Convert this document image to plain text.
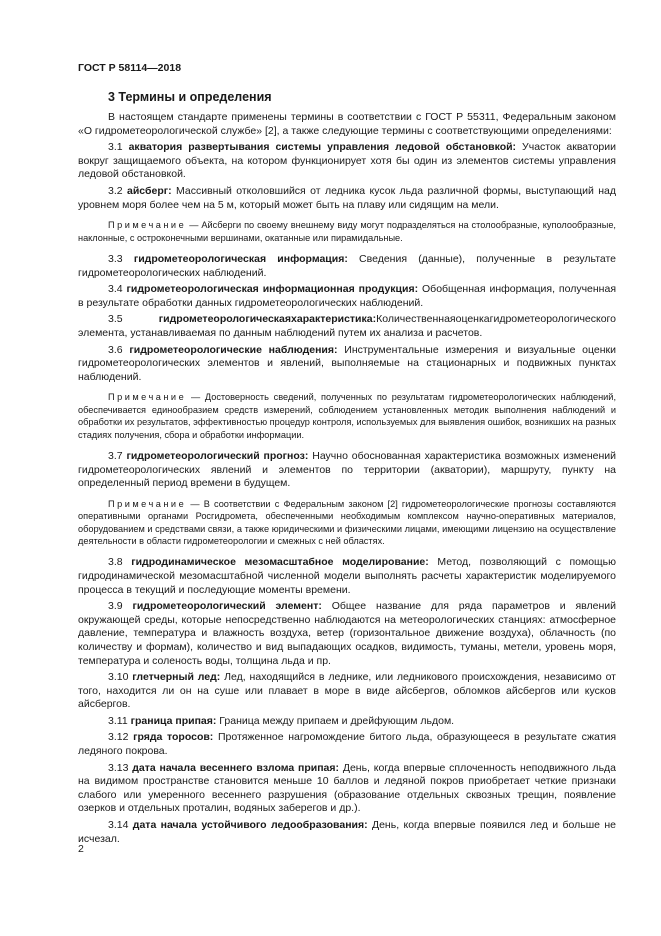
ГОСТ Р 58114—2018
3 Термины и определения

В настоящем стандарте применены термины в соответствии с ГОСТ Р 55311, Федеральным законом «О гидрометеорологической службе» [2], а также следующие термины с соответствующими определениями:

3.1 акватория развертывания системы управления ледовой обстановкой: Участок акватории вокруг защищаемого объекта, на котором функционирует хотя бы один из элементов системы управления ледовой обстановкой.

3.2 айсберг: Массивный отколовшийся от ледника кусок льда различной формы, выступающий над уровнем моря более чем на 5 м, который может быть на плаву или сидящим на мели.

Примечание — Айсберги по своему внешнему виду могут подразделяться на столообразные, куполообразные, наклонные, с остроконечными вершинами, окатанные или пирамидальные.

3.3 гидрометеорологическая информация: Сведения (данные), полученные в результате гидрометеорологических наблюдений.

3.4 гидрометеорологическая информационная продукция: Обобщенная информация, полученная в результате обработки данных гидрометеорологических наблюдений.

3.5	гидрометеорологическаяхарактеристика:Количественнаяоценкагидрометеорологического элемента, устанавливаемая по данным наблюдений путем их анализа и расчетов.

3.6 гидрометеорологические наблюдения: Инструментальные измерения и визуальные оценки гидрометеорологических элементов и явлений, выполняемые на стационарных и подвижных пунктах наблюдений.

Примечание — Достоверность сведений, полученных по результатам гидрометеорологических наблюдений, обеспечивается единообразием средств измерений, соблюдением установленных методик выполнения наблюдений и обработки их результатов, эффективностью процедур контроля, используемых для выявления ошибок, возникших на разных стадиях получения, сбора и обработки информации.

3.7 гидрометеорологический прогноз: Научно обоснованная характеристика возможных изменений гидрометеорологических явлений и элементов по территории (акватории), маршруту, пункту на определенный период времени в будущем.

Примечание — В соответствии с Федеральным законом [2] гидрометеорологические прогнозы составляются оперативными органами Росгидромета, обеспеченными необходимым комплексом научно-оперативных материалов, оборудованием и средствами связи, а также юридическими и физическими лицами, имеющими лицензию на осуществление деятельности в области гидрометеорологии и смежных с ней областях.

3.8 гидродинамическое мезомасштабное моделирование: Метод, позволяющий с помощью гидродинамической мезомасштабной численной модели выполнять расчеты характеристик моделируемого процесса в текущий и последующие моменты времени.

3.9 гидрометеорологический элемент: Общее название для ряда параметров и явлений окружающей среды, которые непосредственно наблюдаются на метеорологических станциях: атмосферное давление, температура и влажность воздуха, ветер (горизонтальное движение воздуха), облачность (по количеству и формам), количество и вид выпадающих осадков, видимость, туманы, метели, уровень моря, температура и соленость воды, толщина льда и пр.

3.10 глетчерный лед: Лед, находящийся в леднике, или ледникового происхождения, независимо от того, находится ли он на суше или плавает в море в виде айсбергов, обломков айсбергов или кусков айсбергов.

3.11 граница припая: Граница между припаем и дрейфующим льдом.

3.12 гряда торосов: Протяженное нагромождение битого льда, образующееся в результате сжатия ледяного покрова.

3.13 дата начала весеннего взлома припая: День, когда впервые сплоченность неподвижного льда на видимом пространстве становится меньше 10 баллов и ледяной покров приобретает четкие признаки слабого или умеренного весеннего разрушения (образование отдельных сквозных трещин, появление озерков и отдельных проталин, водяных заберегов и др.).

3.14 дата начала устойчивого ледообразования: День, когда впервые появился лед и больше не исчезал.

2
